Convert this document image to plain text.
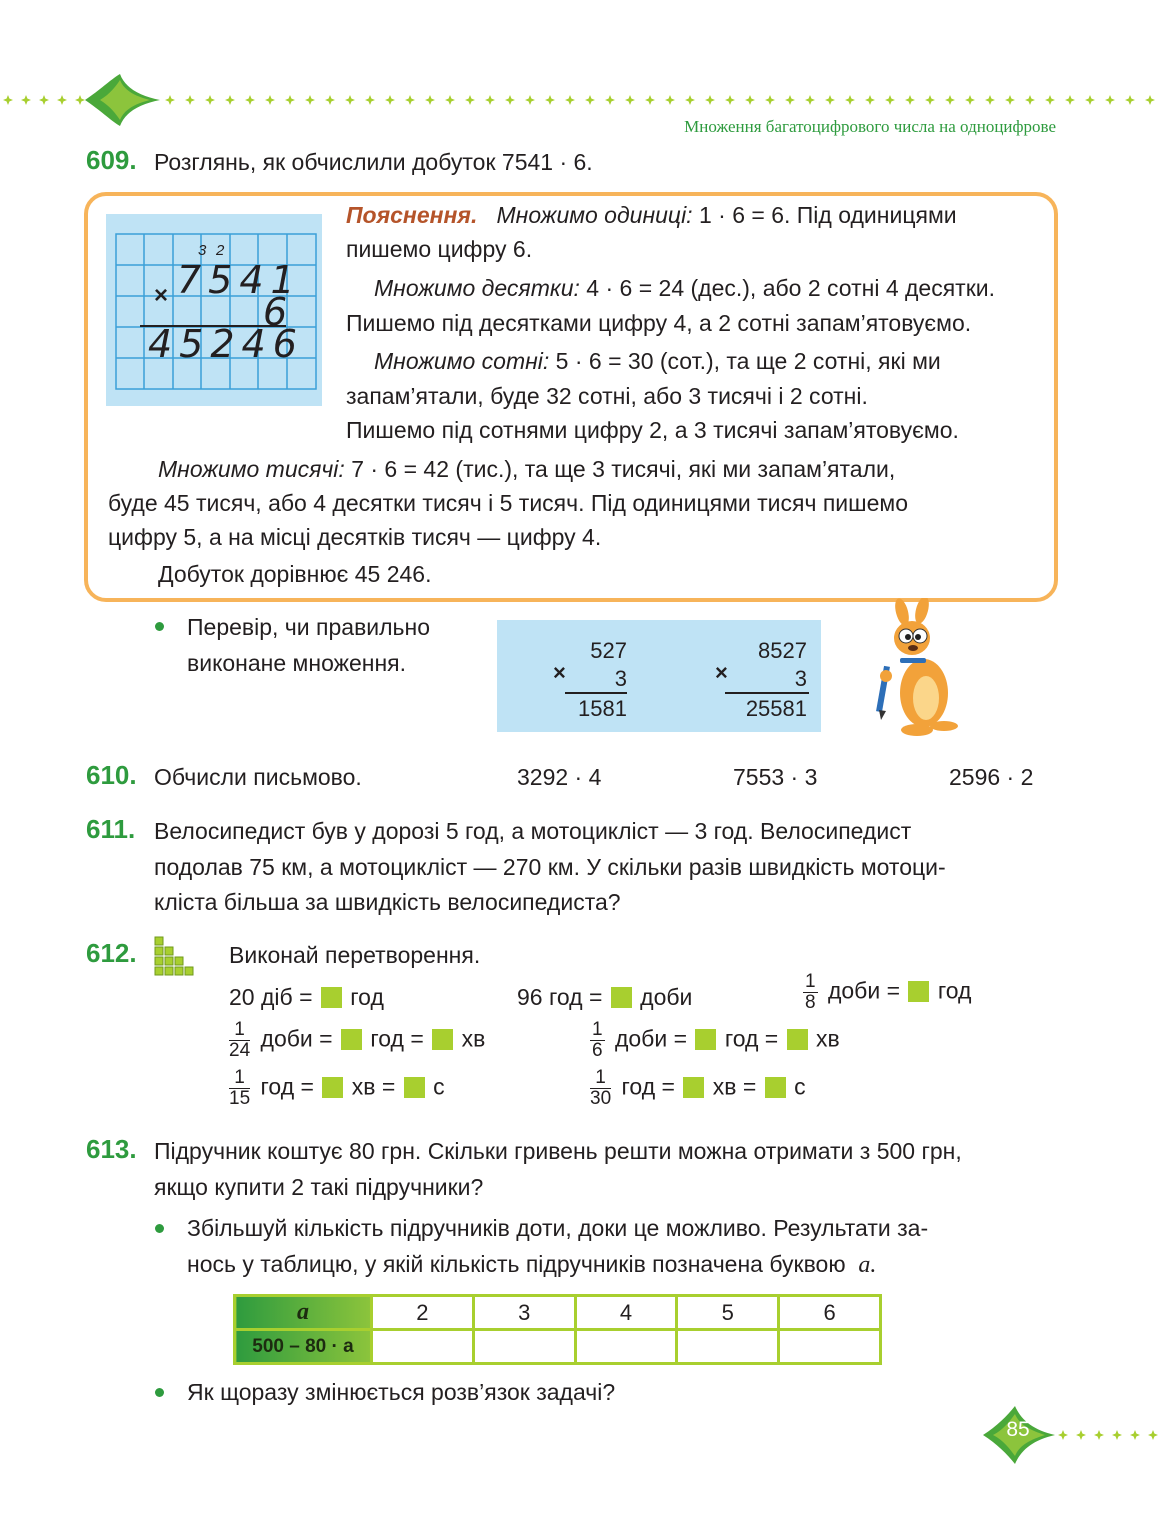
Множення багатоцифрового числа на одноцифрове
609. Розглянь, як обчислили добуток 7541 · 6.
3 2
× 7541
6
45246
Пояснення. Множимо одиниці: 1 · 6 = 6. Під одиницями
пишемо цифру 6.
Множимо десятки: 4 · 6 = 24 (дес.), або 2 сотні 4 десятки.
Пишемо під десятками цифру 4, а 2 сотні запам’ятовуємо.
Множимо сотні: 5 · 6 = 30 (сот.), та ще 2 сотні, які ми
запам’ятали, буде 32 сотні, або 3 тисячі і 2 сотні.
Пишемо під сотнями цифру 2, а 3 тисячі запам’ятовуємо.
Множимо тисячі: 7 · 6 = 42 (тис.), та ще 3 тисячі, які ми запам’ятали,
буде 45 тисяч, або 4 десятки тисяч і 5 тисяч. Під одиницями тисяч пишемо
цифру 5, а на місці десятків тисяч — цифру 4.
Добуток дорівнює 45 246.
Перевір, чи правильно
виконане множення.	×
527
3
1581
×
8527
3
25581
610. Обчисли письмово.	3292 · 4	7553 · 3	2596 · 2
611. Велосипедист був у дорозі 5 год, а мотоцикліст — 3 год. Велосипедист
подолав 75 км, а мотоцикліст — 270 км. У скільки разів швидкість мотоци-
кліста більша за швидкість велосипедиста?
612.	Виконай перетворення.
20 діб = год	96 год = доби	$\frac{1}{8}$ доби = год
$\frac{1}{24}$ доби = год = хв	$\frac{1}{6}$ доби = год = хв
$\frac{1}{15}$ год = хв = с	$\frac{1}{30}$ год = хв = с
613. Підручник коштує 80 грн. Скільки гривень решти можна отримати з 500 грн,
якщо купити 2 такі підручники?
Збільшуй кількість підручників доти, доки це можливо. Результати за-
нось у таблицю, у якій кількість підручників позначена буквою a.
a	2	3	4	5	6
500 – 80 · a					
Як щоразу змінюється розв’язок задачі?
85
